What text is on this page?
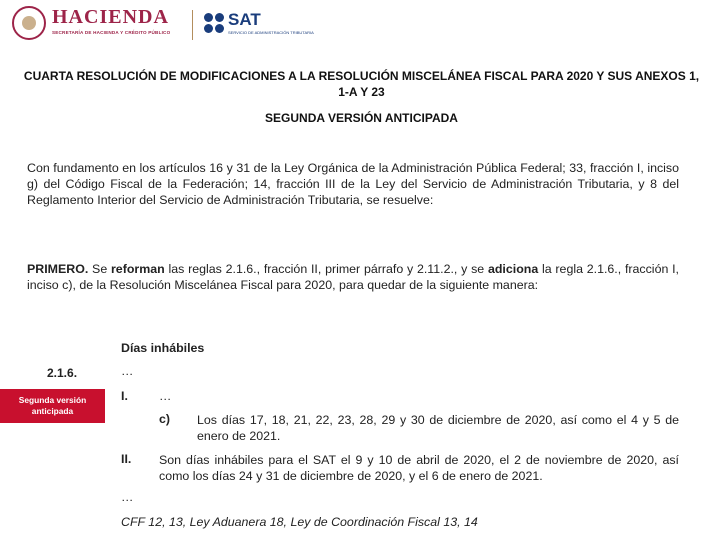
HACIENDA
SECRETARÍA DE HACIENDA Y CRÉDITO PÚBLICO
SAT
SERVICIO DE ADMINISTRACIÓN TRIBUTARIA
CUARTA RESOLUCIÓN DE MODIFICACIONES A LA RESOLUCIÓN MISCELÁNEA FISCAL PARA 2020 Y SUS ANEXOS 1, 1-A Y 23
SEGUNDA VERSIÓN ANTICIPADA
Con fundamento en los artículos 16 y 31 de la Ley Orgánica de la Administración Pública Federal; 33, fracción I, inciso g) del Código Fiscal de la Federación; 14, fracción III de la Ley del Servicio de Administración Tributaria, y 8 del Reglamento Interior del Servicio de Administración Tributaria, se resuelve:
PRIMERO. Se reforman las reglas 2.1.6., fracción II, primer párrafo y 2.11.2., y se adiciona la regla 2.1.6., fracción I, inciso c), de la Resolución Miscelánea Fiscal para 2020, para quedar de la siguiente manera:
Días inhábiles
2.1.6.	…
Segunda versión
anticipada
I.	…
c) Los días 17, 18, 21, 22, 23, 28, 29 y 30 de diciembre de 2020, así como el 4 y 5 de enero de 2021.
II. Son días inhábiles para el SAT el 9 y 10 de abril de 2020, el 2 de noviembre de 2020, así como los días 24 y 31 de diciembre de 2020, y el 6 de enero de 2021.
…
CFF 12, 13, Ley Aduanera 18, Ley de Coordinación Fiscal 13, 14
